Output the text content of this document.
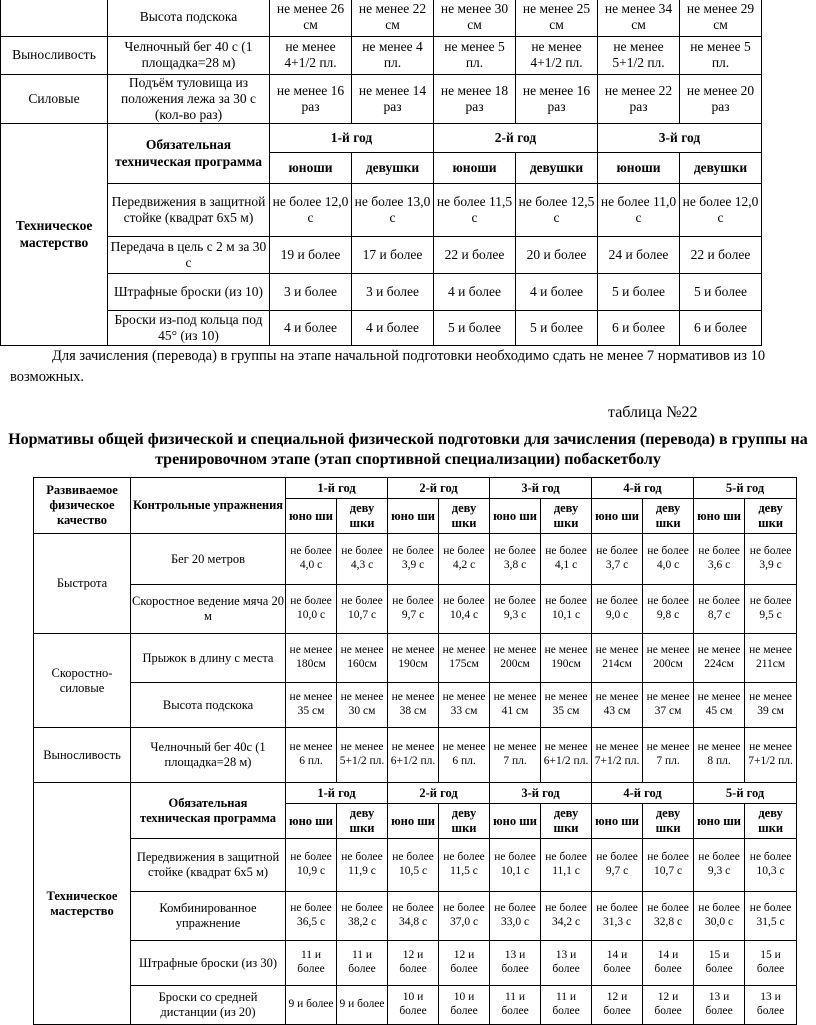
	Высота подскока	не менее 26 см	не менее 22 см	не менее 30 см	не менее 25 см	не менее 34 см	не менее 29 см
Выносливость	Челночный бег 40 с (1 площадка=28 м)	не менее 4+1/2 пл.	не менее 4 пл.	не менее 5 пл.	не менее 4+1/2 пл.	не менее 5+1/2 пл.	не менее 5 пл.
Силовые	Подъём туловища из положения лежа за 30 с (кол-во раз)	не менее 16 раз	не менее 14 раз	не менее 18 раз	не менее 16 раз	не менее 22 раз	не менее 20 раз
Техническое мастерство	Обязательная техническая программа	1-й год		2-й год		3-й год	
		юноши	девушки	юноши	девушки	юноши	девушки
	Передвижения в защитной стойке (квадрат 6х5 м)	не более 12,0 с	не более 13,0 с	не более 11,5 с	не более 12,5 с	не более 11,0 с	не более 12,0 с
	Передача в цель с 2 м за 30 с	19 и более	17 и более	22 и более	20 и более	24 и более	22 и более
	Штрафные броски (из 10)	3 и более	3 и более	4 и более	4 и более	5 и более	5 и более
	Броски из-под кольца под 45° (из 10)	4 и более	4 и более	5 и более	5 и более	6 и более	6 и более

Для зачисления (перевода) в группы на этапе начальной подготовки необходимо сдать не менее 7 нормативов из 10 возможных.

таблица №22

Нормативы общей физической и специальной физической подготовки для зачисления (перевода) в группы на тренировочном этапе (этап спортивной специализации) побаскетболу

Развиваемое физическое качество	Контрольные упражнения	1-й год		2-й год		3-й год		4-й год		5-й год	
		юно ши	деву шки	юно ши	деву шки	юно ши	деву шки	юно ши	деву шки	юно ши	деву шки
Быстрота	Бег 20 метров	не более 4,0 с	не более 4,3 с	не более 3,9 с	не более 4,2 с	не более 3,8 с	не более 4,1 с	не более 3,7 с	не более 4,0 с	не более 3,6 с	не более 3,9 с
	Скоростное ведение мяча 20 м	не более 10,0 с	не более 10,7 с	не более 9,7 с	не более 10,4 с	не более 9,3 с	не более 10,1 с	не более 9,0 с	не более 9,8 с	не более 8,7 с	не более 9,5 с
Скоростно-силовые	Прыжок в длину с места	не менее 180см	не менее 160см	не менее 190см	не менее 175см	не менее 200см	не менее 190см	не менее 214см	не менее 200см	не менее 224см	не менее 211см
	Высота подскока	не менее 35 см	не менее 30 см	не менее 38 см	не менее 33 см	не менее 41 см	не менее 35 см	не менее 43 см	не менее 37 см	не менее 45 см	не менее 39 см
Выносливость	Челночный бег 40с (1 площадка=28 м)	не менее 6 пл.	не менее 5+1/2 пл.	не менее 6+1/2 пл.	не менее 6 пл.	не менее 7 пл.	не менее 6+1/2 пл.	не менее 7+1/2 пл.	не менее 7 пл.	не менее 8 пл.	не менее 7+1/2 пл.
Техническое мастерство	Обязательная техническая программа	1-й год		2-й год		3-й год		4-й год		5-й год	
		юно ши	деву шки	юно ши	деву шки	юно ши	деву шки	юно ши	деву шки	юно ши	деву шки
	Передвижения в защитной стойке (квадрат 6х5 м)	не более 10,9 с	не более 11,9 с	не более 10,5 с	не более 11,5 с	не более 10,1 с	не более 11,1 с	не более 9,7 с	не более 10,7 с	не более 9,3 с	не более 10,3 с
	Комбинированное упражнение	не более 36,5 с	не более 38,2 с	не более 34,8 с	не более 37,0 с	не более 33,0 с	не более 34,2 с	не более 31,3 с	не более 32,8 с	не более 30,0 с	не более 31,5 с
	Штрафные броски (из 30)	11 и более	11 и более	12 и более	12 и более	13 и более	13 и более	14 и более	14 и более	15 и более	15 и более
	Броски со средней дистанции (из 20)	9 и более	9 и более	10 и более	10 и более	11 и более	11 и более	12 и более	12 и более	13 и более	13 и более
